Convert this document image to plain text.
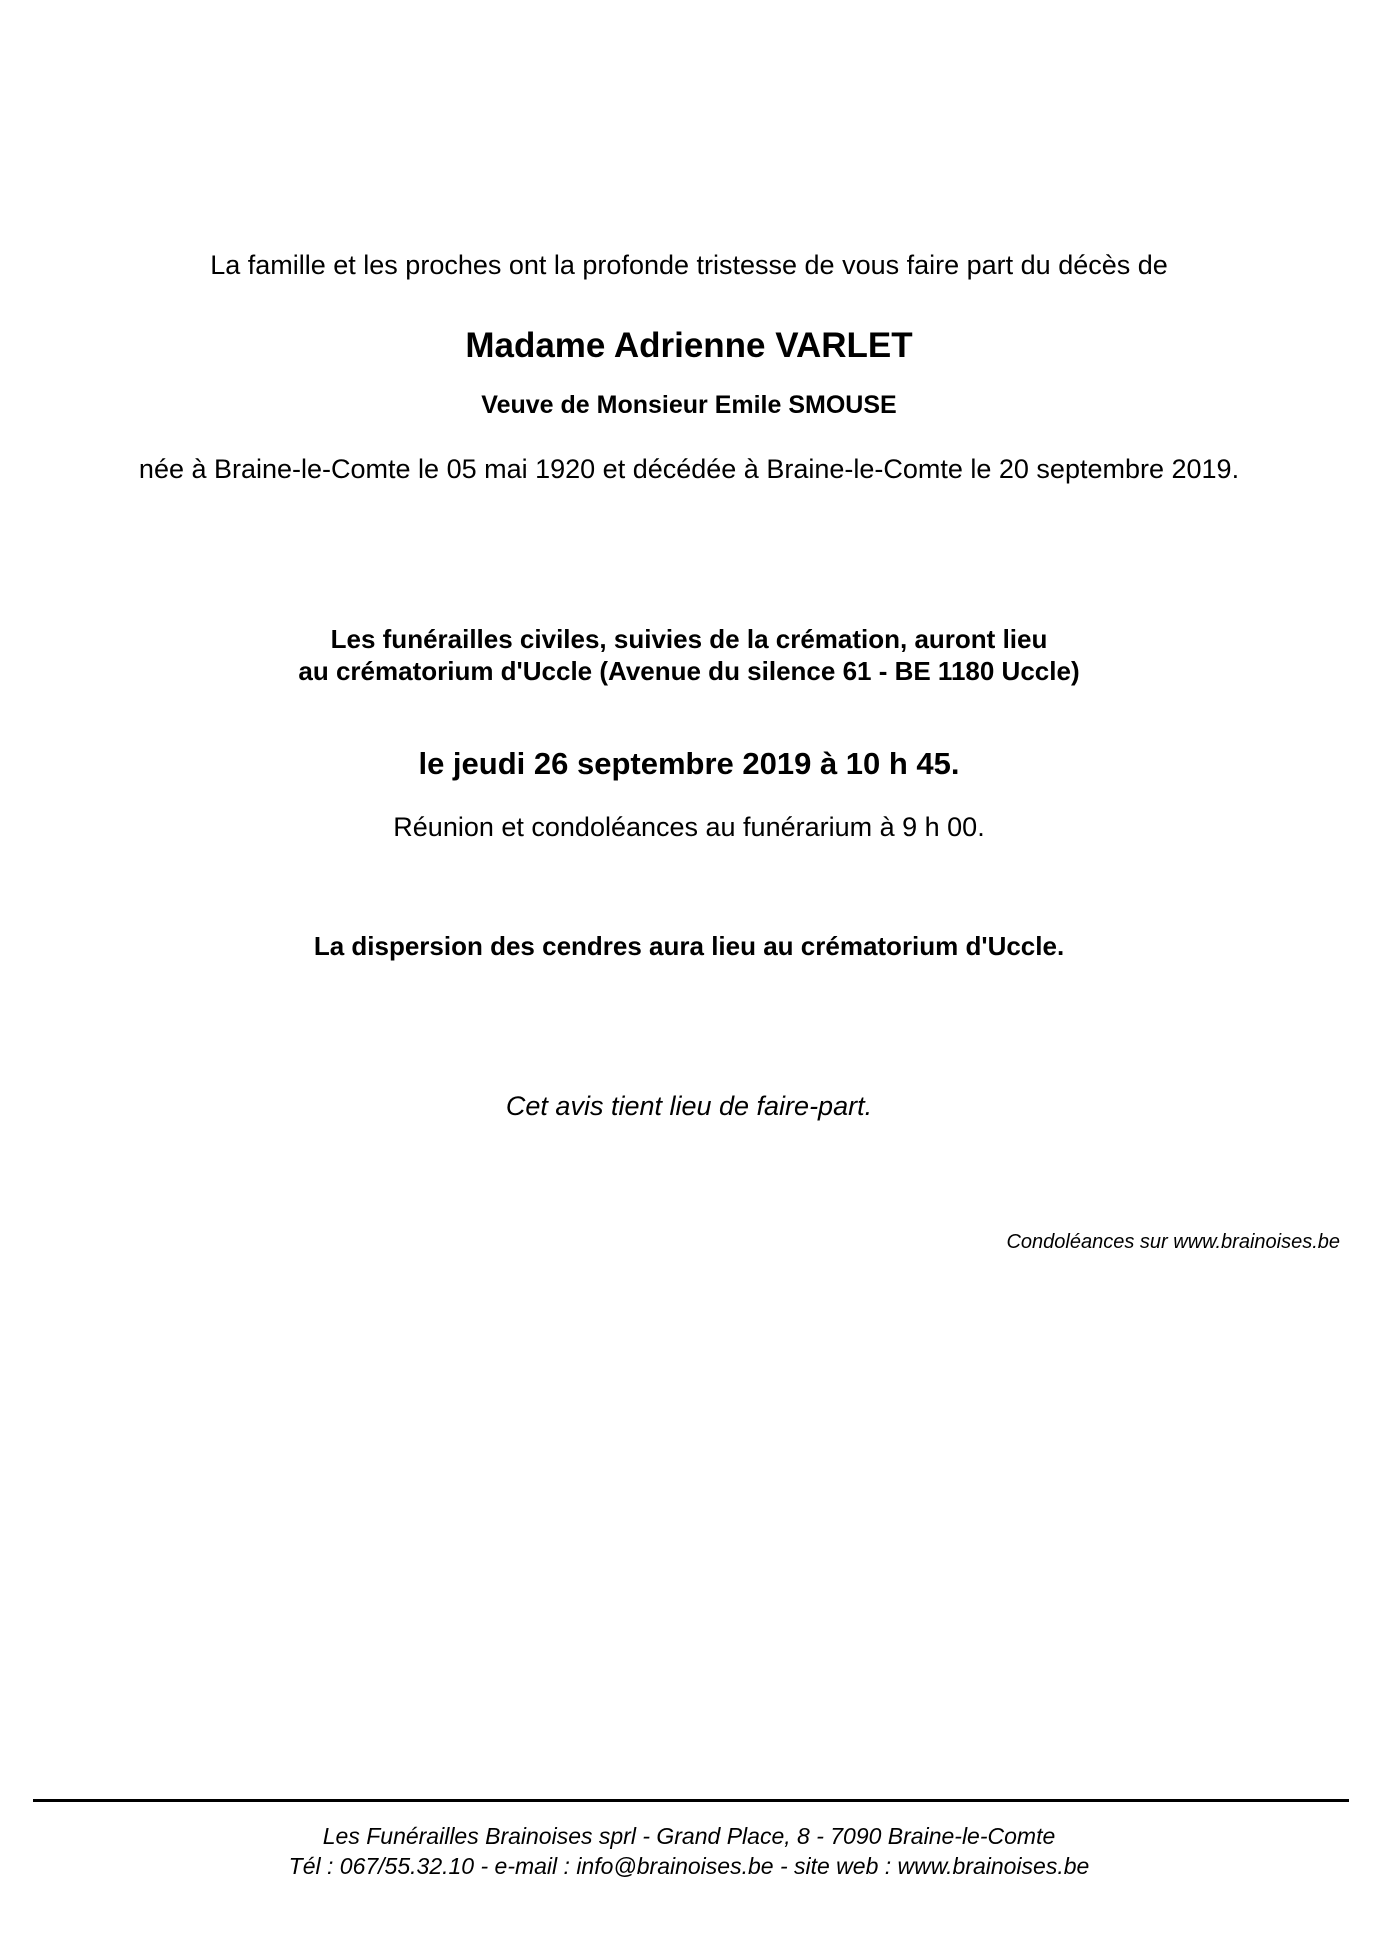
La famille et les proches ont la profonde tristesse de vous faire part du décès de
Madame Adrienne VARLET
Veuve de Monsieur Emile SMOUSE
née à Braine-le-Comte le 05 mai 1920 et décédée à Braine-le-Comte le 20 septembre 2019.
Les funérailles civiles, suivies de la crémation, auront lieu
au crématorium d'Uccle (Avenue du silence 61 - BE 1180 Uccle)
le jeudi 26 septembre 2019 à 10 h 45.
Réunion et condoléances au funérarium à 9 h 00.
La dispersion des cendres aura lieu au crématorium d'Uccle.
Cet avis tient lieu de faire-part.
Condoléances sur www.brainoises.be
Les Funérailles Brainoises sprl - Grand Place, 8 - 7090 Braine-le-Comte
Tél : 067/55.32.10 - e-mail : info@brainoises.be - site web : www.brainoises.be
